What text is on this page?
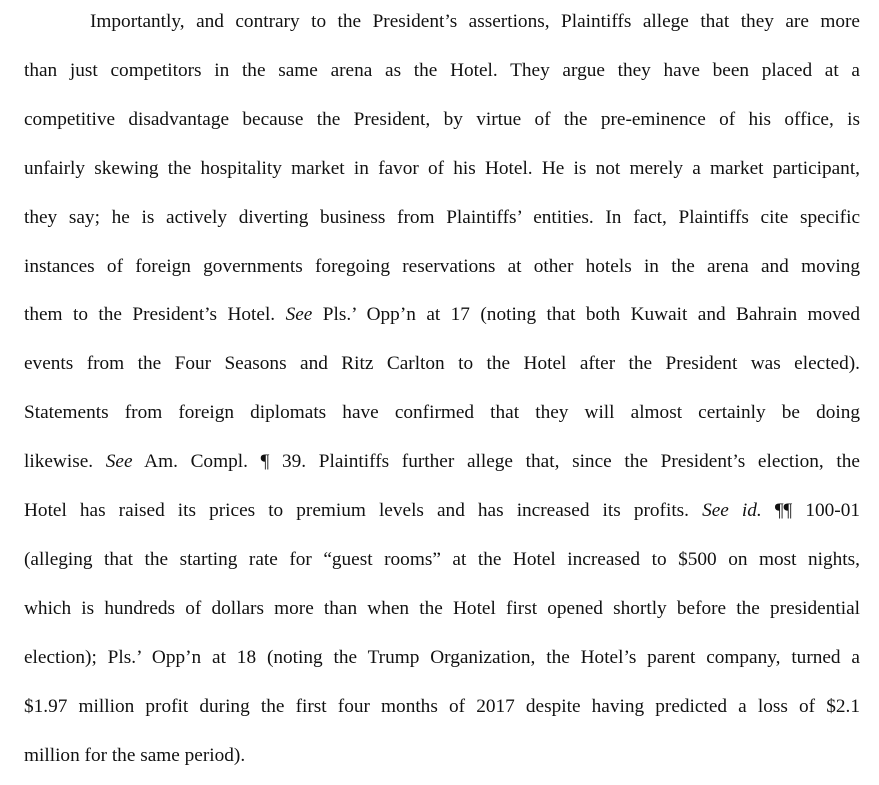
Importantly, and contrary to the President’s assertions, Plaintiffs allege that they are more

than just competitors in the same arena as the Hotel. They argue they have been placed at a

competitive disadvantage because the President, by virtue of the pre-eminence of his office, is

unfairly skewing the hospitality market in favor of his Hotel. He is not merely a market participant,

they say; he is actively diverting business from Plaintiffs’ entities. In fact, Plaintiffs cite specific

instances of foreign governments foregoing reservations at other hotels in the arena and moving

them to the President’s Hotel. See Pls.’ Opp’n at 17 (noting that both Kuwait and Bahrain moved

events from the Four Seasons and Ritz Carlton to the Hotel after the President was elected).

Statements from foreign diplomats have confirmed that they will almost certainly be doing

likewise. See Am. Compl. ¶ 39. Plaintiffs further allege that, since the President’s election, the

Hotel has raised its prices to premium levels and has increased its profits. See id. ¶¶ 100-01

(alleging that the starting rate for “guest rooms” at the Hotel increased to $500 on most nights,

which is hundreds of dollars more than when the Hotel first opened shortly before the presidential

election); Pls.’ Opp’n at 18 (noting the Trump Organization, the Hotel’s parent company, turned a

$1.97 million profit during the first four months of 2017 despite having predicted a loss of $2.1

million for the same period).
